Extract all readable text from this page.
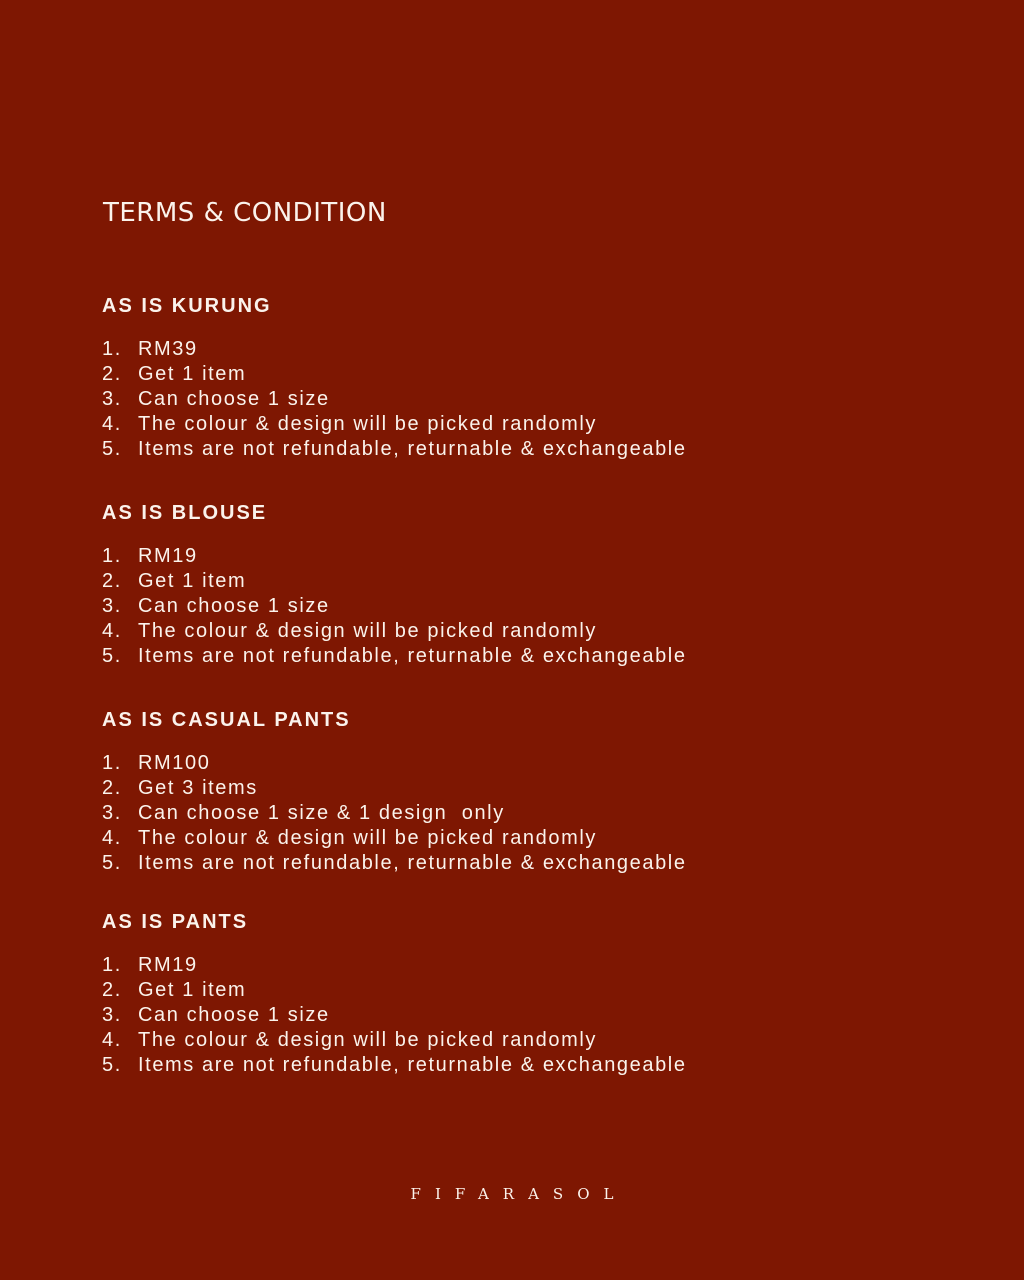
TERMS & CONDITION
AS IS KURUNG
1. RM39
2. Get 1 item
3. Can choose 1 size
4. The colour & design will be picked randomly
5. Items are not refundable, returnable & exchangeable
AS IS BLOUSE
1. RM19
2. Get 1 item
3. Can choose 1 size
4. The colour & design will be picked randomly
5. Items are not refundable, returnable & exchangeable
AS IS CASUAL PANTS
1. RM100
2. Get 3 items
3. Can choose 1 size & 1 design  only
4. The colour & design will be picked randomly
5. Items are not refundable, returnable & exchangeable
AS IS PANTS
1. RM19
2. Get 1 item
3. Can choose 1 size
4. The colour & design will be picked randomly
5. Items are not refundable, returnable & exchangeable
FIFARASOL
